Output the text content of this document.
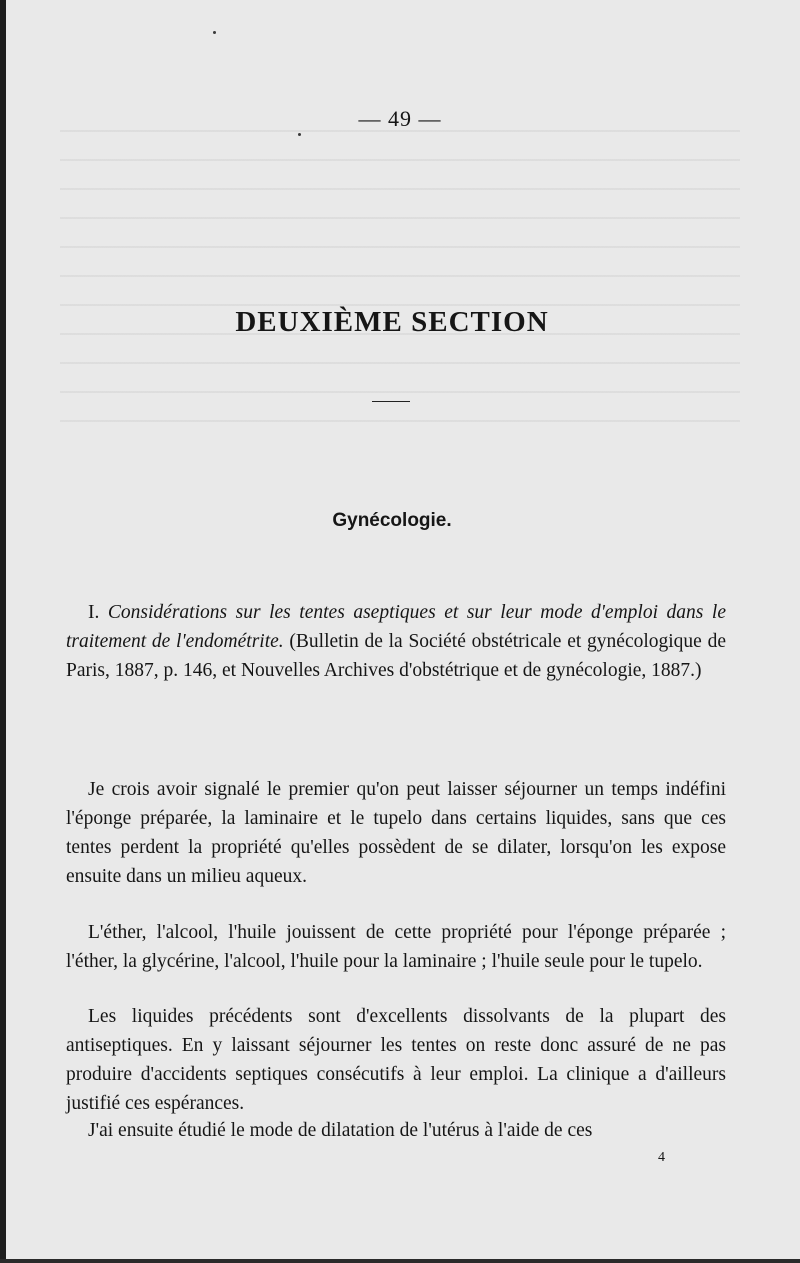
— 49 —
DEUXIÈME SECTION
Gynécologie.

I. Considérations sur les tentes aseptiques et sur leur mode d'emploi dans le traitement de l'endométrite. (Bulletin de la Société obstétricale et gynécologique de Paris, 1887, p. 146, et Nouvelles Archives d'obstétrique et de gynécologie, 1887.)

Je crois avoir signalé le premier qu'on peut laisser séjourner un temps indéfini l'éponge préparée, la laminaire et le tupelo dans certains liquides, sans que ces tentes perdent la propriété qu'elles possèdent de se dilater, lorsqu'on les expose ensuite dans un milieu aqueux.

L'éther, l'alcool, l'huile jouissent de cette propriété pour l'éponge préparée ; l'éther, la glycérine, l'alcool, l'huile pour la laminaire ; l'huile seule pour le tupelo.

Les liquides précédents sont d'excellents dissolvants de la plupart des antiseptiques. En y laissant séjourner les tentes on reste donc assuré de ne pas produire d'accidents septiques consécutifs à leur emploi. La clinique a d'ailleurs justifié ces espérances.

J'ai ensuite étudié le mode de dilatation de l'utérus à l'aide de ces

4
